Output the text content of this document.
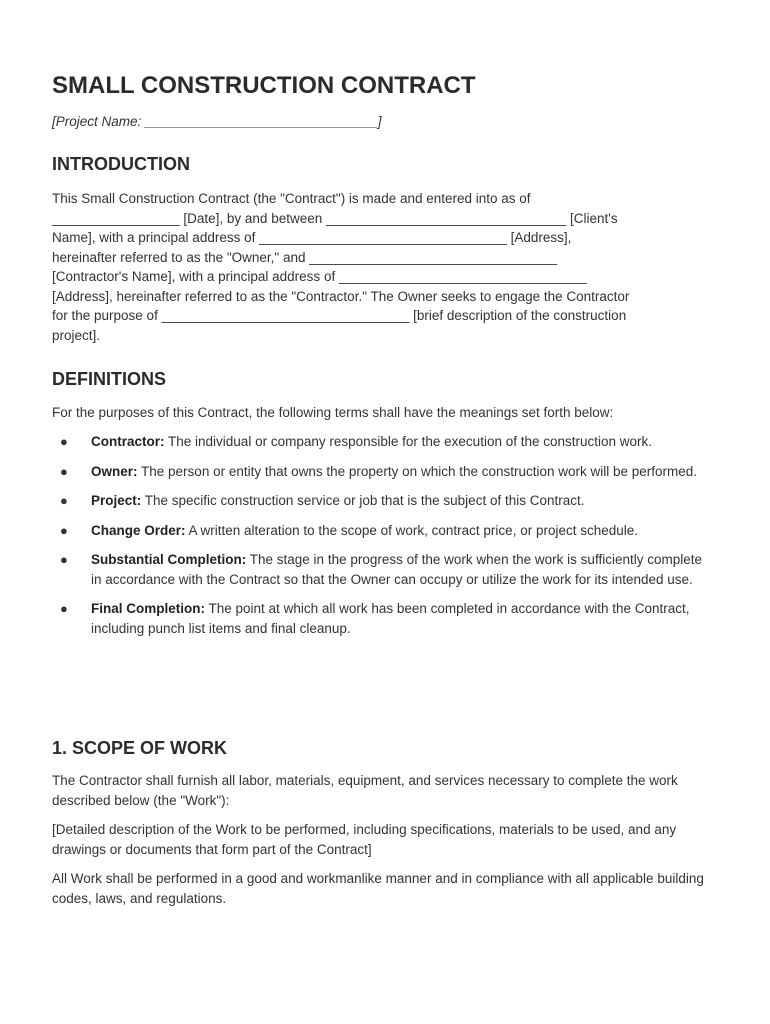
SMALL CONSTRUCTION CONTRACT
[Project Name: _______________________________]
INTRODUCTION
This Small Construction Contract (the "Contract") is made and entered into as of
_________________ [Date], by and between ________________________________ [Client's
Name], with a principal address of _________________________________ [Address],
hereinafter referred to as the "Owner," and _________________________________
[Contractor's Name], with a principal address of _________________________________
[Address], hereinafter referred to as the "Contractor." The Owner seeks to engage the Contractor
for the purpose of _________________________________ [brief description of the construction
project].
DEFINITIONS
For the purposes of this Contract, the following terms shall have the meanings set forth below:
● Contractor: The individual or company responsible for the execution of the construction work.
● Owner: The person or entity that owns the property on which the construction work will be performed.
● Project: The specific construction service or job that is the subject of this Contract.
● Change Order: A written alteration to the scope of work, contract price, or project schedule.
● Substantial Completion: The stage in the progress of the work when the work is sufficiently complete in accordance with the Contract so that the Owner can occupy or utilize the work for its intended use.
● Final Completion: The point at which all work has been completed in accordance with the Contract, including punch list items and final cleanup.
1. SCOPE OF WORK
The Contractor shall furnish all labor, materials, equipment, and services necessary to complete the work described below (the "Work"):
[Detailed description of the Work to be performed, including specifications, materials to be used, and any drawings or documents that form part of the Contract]
All Work shall be performed in a good and workmanlike manner and in compliance with all applicable building codes, laws, and regulations.
